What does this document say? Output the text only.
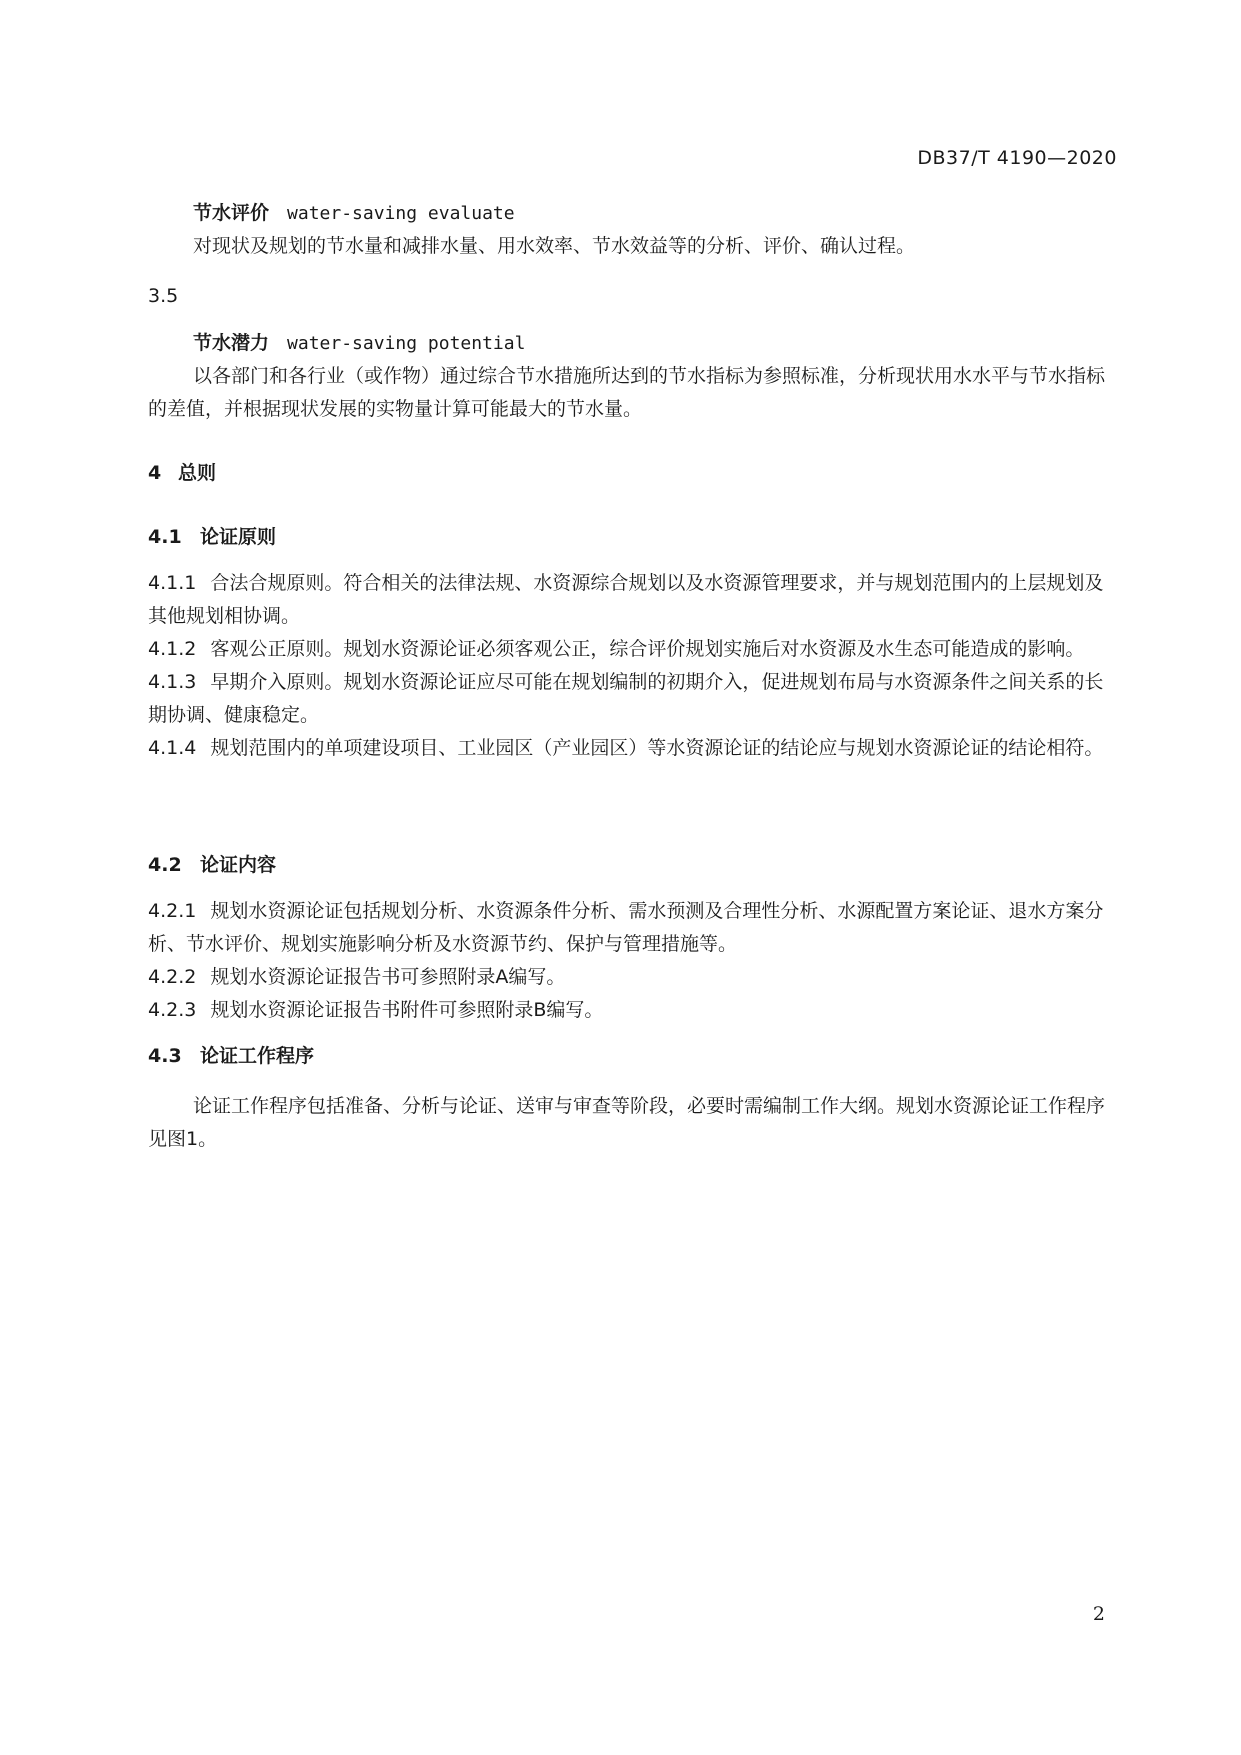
DB37/T 4190—2020
节水评价 water-saving evaluate
对现状及规划的节水量和减排水量、用水效率、节水效益等的分析、评价、确认过程。
3.5
节水潜力 water-saving potential
以各部门和各行业（或作物）通过综合节水措施所达到的节水指标为参照标准，分析现状用水水平与节水指标的差值，并根据现状发展的实物量计算可能最大的节水量。
4 总则
4.1 论证原则
4.1.1 合法合规原则。符合相关的法律法规、水资源综合规划以及水资源管理要求，并与规划范围内的上层规划及其他规划相协调。
4.1.2 客观公正原则。规划水资源论证必须客观公正，综合评价规划实施后对水资源及水生态可能造成的影响。
4.1.3 早期介入原则。规划水资源论证应尽可能在规划编制的初期介入，促进规划布局与水资源条件之间关系的长期协调、健康稳定。
4.1.4 规划范围内的单项建设项目、工业园区（产业园区）等水资源论证的结论应与规划水资源论证的结论相符。
4.2 论证内容
4.2.1 规划水资源论证包括规划分析、水资源条件分析、需水预测及合理性分析、水源配置方案论证、退水方案分析、节水评价、规划实施影响分析及水资源节约、保护与管理措施等。
4.2.2 规划水资源论证报告书可参照附录A编写。
4.2.3 规划水资源论证报告书附件可参照附录B编写。
4.3 论证工作程序
论证工作程序包括准备、分析与论证、送审与审查等阶段，必要时需编制工作大纲。规划水资源论证工作程序见图1。
2
